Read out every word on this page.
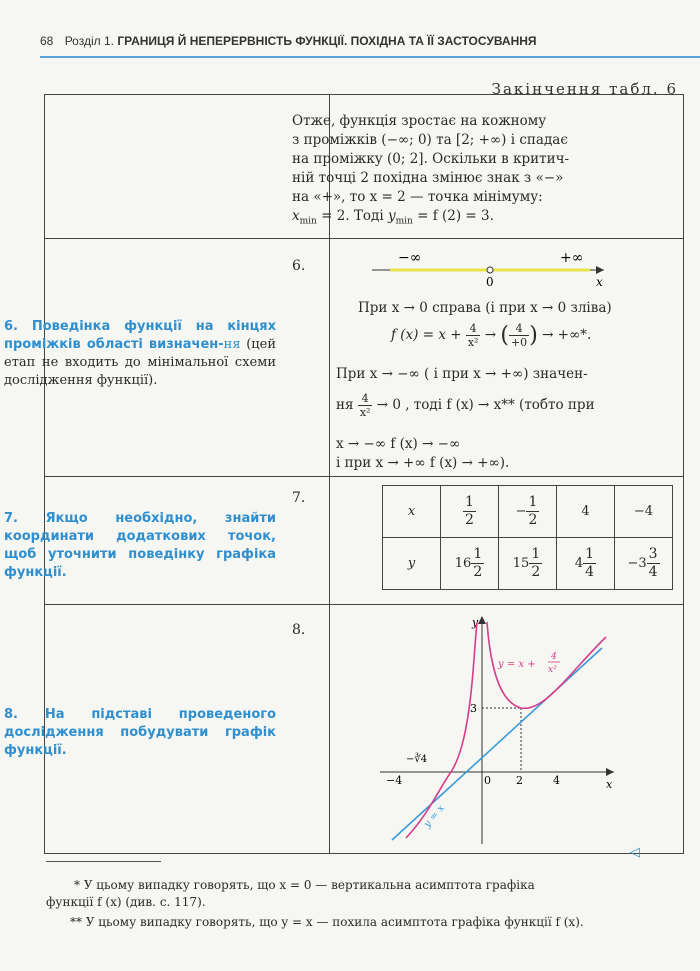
68 Розділ 1. ГРАНИЦЯ Й НЕПЕРЕРВНІСТЬ ФУНКЦІЇ. ПОХІДНА ТА ЇЇ ЗАСТОСУВАННЯ
Закінчення табл. 6
Отже, функція зростає на кожному
з проміжків (−∞; 0) та [2; +∞) і спадає
на проміжку (0; 2]. Оскільки в критич-
ній точці 2 похідна змінює знак з «−»
на «+», то x = 2 — точка мінімуму:
$x_{min} = 2$. Тоді $y_{min} = f$ (2) = 3.
6. Поведінка функції на кінцях проміжків області визначен-ня (цей етап не входить до мінімальної схеми дослідження функції).
6.	−∞	+∞
0	x
При x → 0 справа (і при x → 0 зліва)
f $(x) = x + \frac{4}{\text{x²}}$ → ( $\frac{4}{+0}$ ) → +∞*.
При x → −∞ ( і при x → +∞) значен-
ня $\frac{4}{\text{x²}} \to 0$ , тоді f (x) → x** (тобто при
x → −∞ f (x) → −∞
і при x → +∞ f (x) → +∞).
7. Якщо необхідно, знайти координати додаткових точок, щоб уточнити поведінку графіка функції.
7.
x	$\frac{1}{2}$	− $\frac{1}{2}$	4	−4
y	$16 \frac{1}{2}$	$15 \frac{1}{2}$	$4 \frac{1}{4}$	$-3 \frac{3}{4}$
8. На підставі проведеного дослідження побудувати графік функції.
8.	y
x
0
−4	2	4
3
−∛4
y = x +
4
x²
y = x
◁
* У цьому випадку говорять, що x = 0 — вертикальна асимптота графіка
функції f (x) (див. с. 117).
** У цьому випадку говорять, що y = x — похила асимптота графіка функції f (x).
